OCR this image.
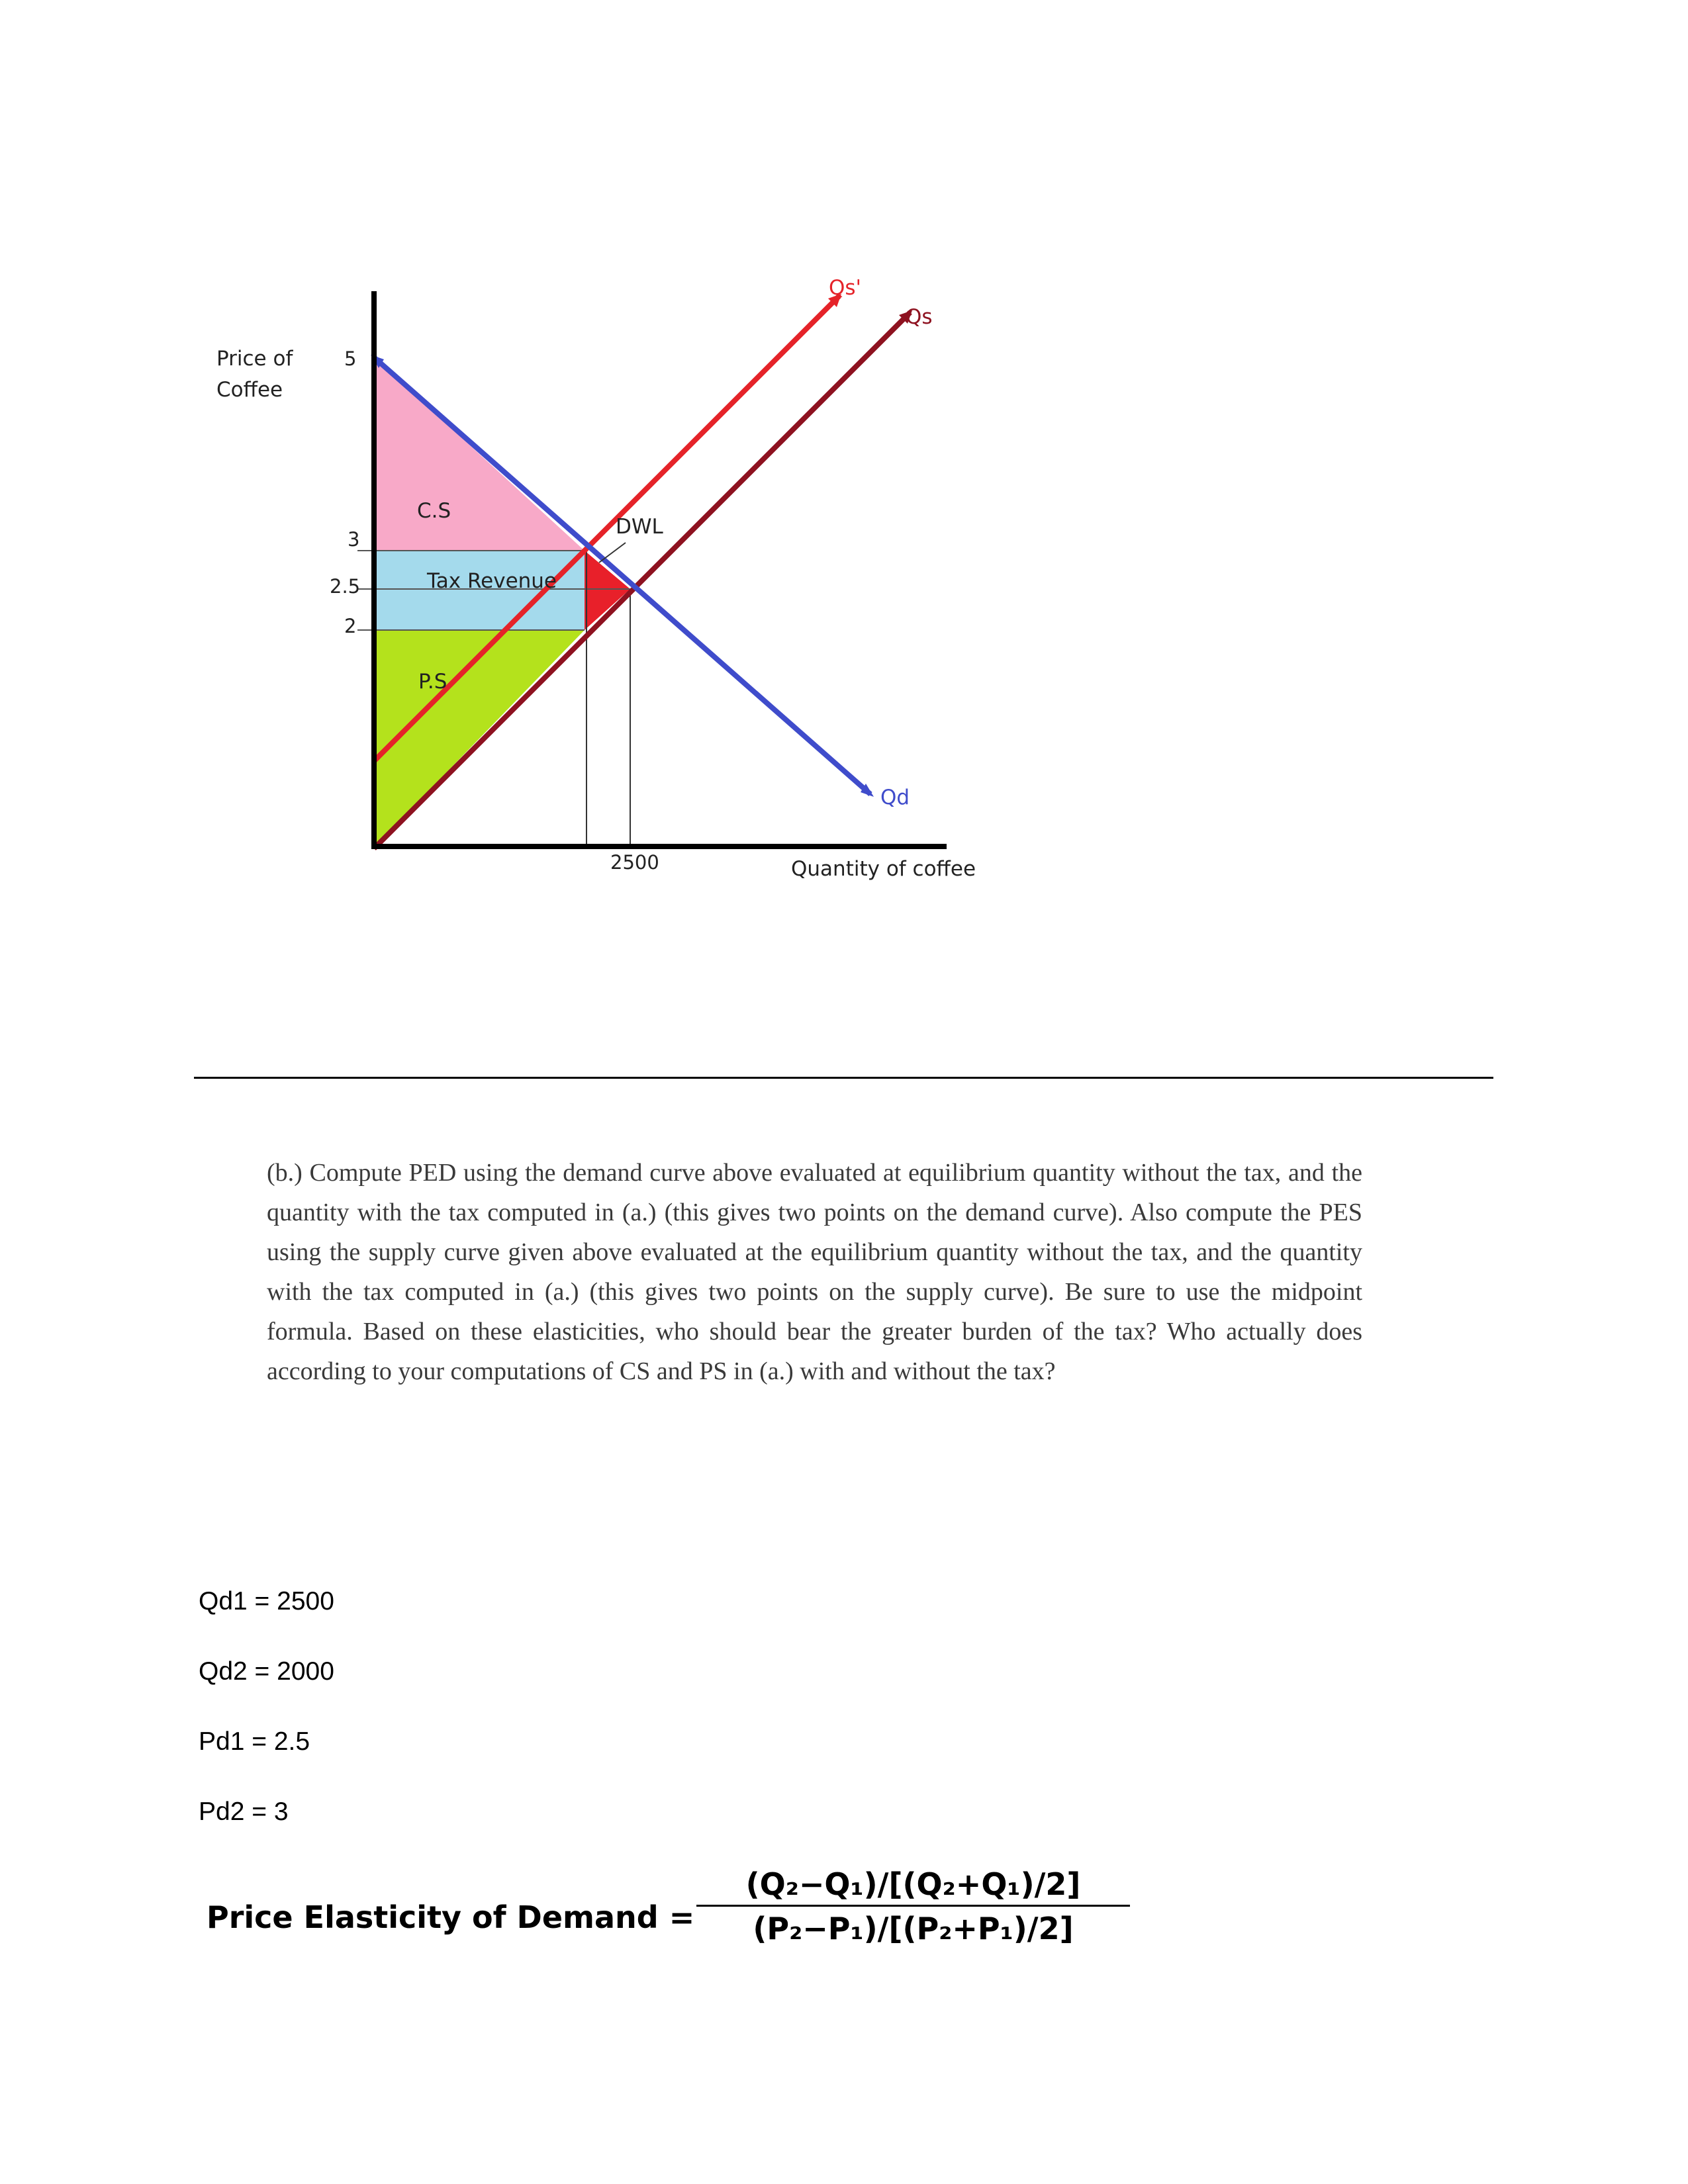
Price of
Coffee
5
3
2.5
2
2500	Quantity of coffee
Qs'
Qs
Qd
C.S
Tax Revenue
P.S
DWL
(b.) Compute PED using the demand curve above evaluated at equilibrium quantity without the tax, and the quantity with the tax computed in (a.) (this gives two points on the demand curve). Also compute the PES using the supply curve given above evaluated at the equilibrium quantity without the tax, and the quantity with the tax computed in (a.) (this gives two points on the supply curve). Be sure to use the midpoint formula. Based on these elasticities, who should bear the greater burden of the tax? Who actually does according to your computations of CS and PS in (a.) with and without the tax?
Qd1 = 2500
Qd2 = 2000
Pd1 = 2.5
Pd2 = 3
Price Elasticity of Demand =
(Q₂−Q₁)/[(Q₂+Q₁)/2]
(P₂−P₁)/[(P₂+P₁)/2]
